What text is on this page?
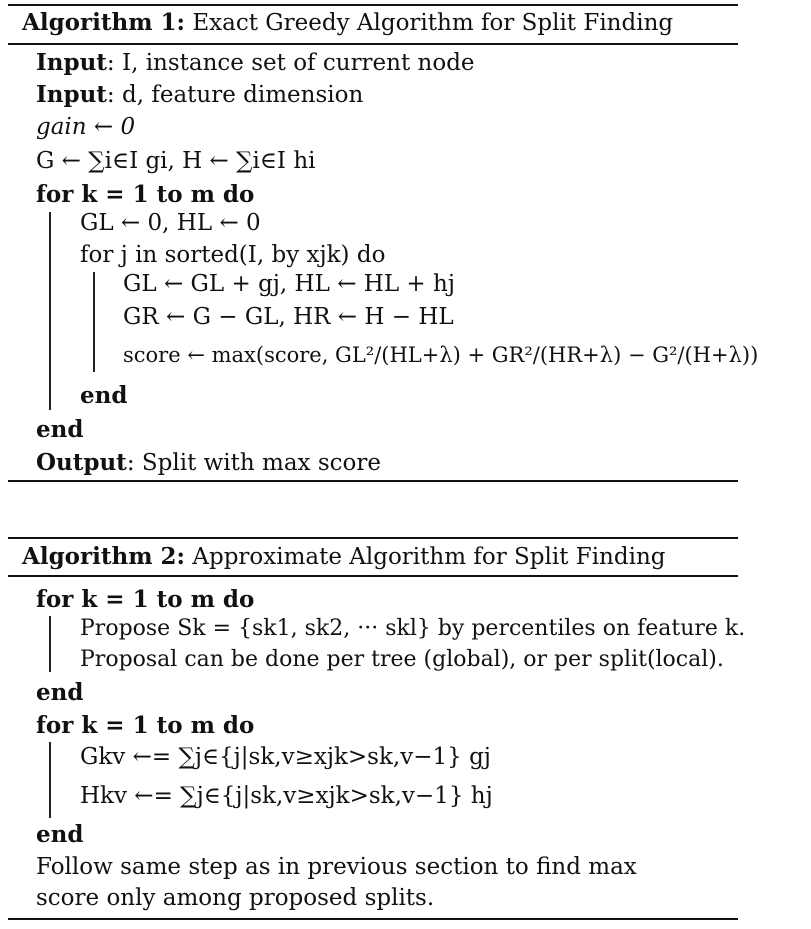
Algorithm 1: Exact Greedy Algorithm for Split Finding
Input: I, instance set of current node
Input: d, feature dimension
gain ← 0
G ← ∑i∈I gi, H ← ∑i∈I hi
for k = 1 to m do
GL ← 0, HL ← 0
for j in sorted(I, by xjk) do
GL ← GL + gj, HL ← HL + hj
GR ← G − GL, HR ← H − HL
score ← max(score, GL²/(HL+λ) + GR²/(HR+λ) − G²/(H+λ))
end
end
Output: Split with max score
Algorithm 2: Approximate Algorithm for Split Finding
for k = 1 to m do
Propose Sk = {sk1, sk2, ··· skl} by percentiles on feature k.
Proposal can be done per tree (global), or per split(local).
end
for k = 1 to m do
Gkv ←= ∑j∈{j|sk,v≥xjk>sk,v−1} gj
Hkv ←= ∑j∈{j|sk,v≥xjk>sk,v−1} hj
end
Follow same step as in previous section to find max
score only among proposed splits.
